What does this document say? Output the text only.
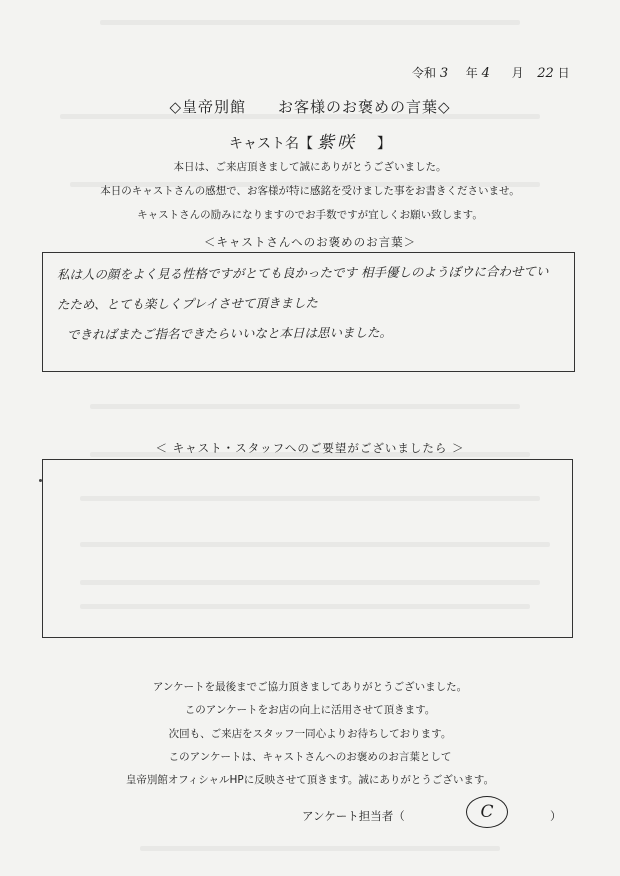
令和 3 年 4 月 22 日
◇皇帝別館 お客様のお褒めの言葉◇
キャスト名【 紫咲 】
本日は、ご来店頂きまして誠にありがとうございました。
本日のキャストさんの感想で、お客様が特に感銘を受けました事をお書きくださいませ。
キャストさんの励みになりますのでお手数ですが宜しくお願い致します。
＜キャストさんへのお褒めのお言葉＞
私は人の顔をよく見る性格ですがとても良かったです 相手優しのようぼウに合わせてい
たため、とても楽しくプレイさせて頂きました
できればまたご指名できたらいいなと本日は思いました。
＜ キャスト・スタッフへのご要望がございましたら ＞
アンケートを最後までご協力頂きましてありがとうございました。
このアンケートをお店の向上に活用させて頂きます。
次回も、ご来店をスタッフ一同心よりお待ちしております。
このアンケートは、キャストさんへのお褒めのお言葉として
皇帝別館オフィシャルHPに反映させて頂きます。誠にありがとうございます。
アンケート担当者（	C	）
